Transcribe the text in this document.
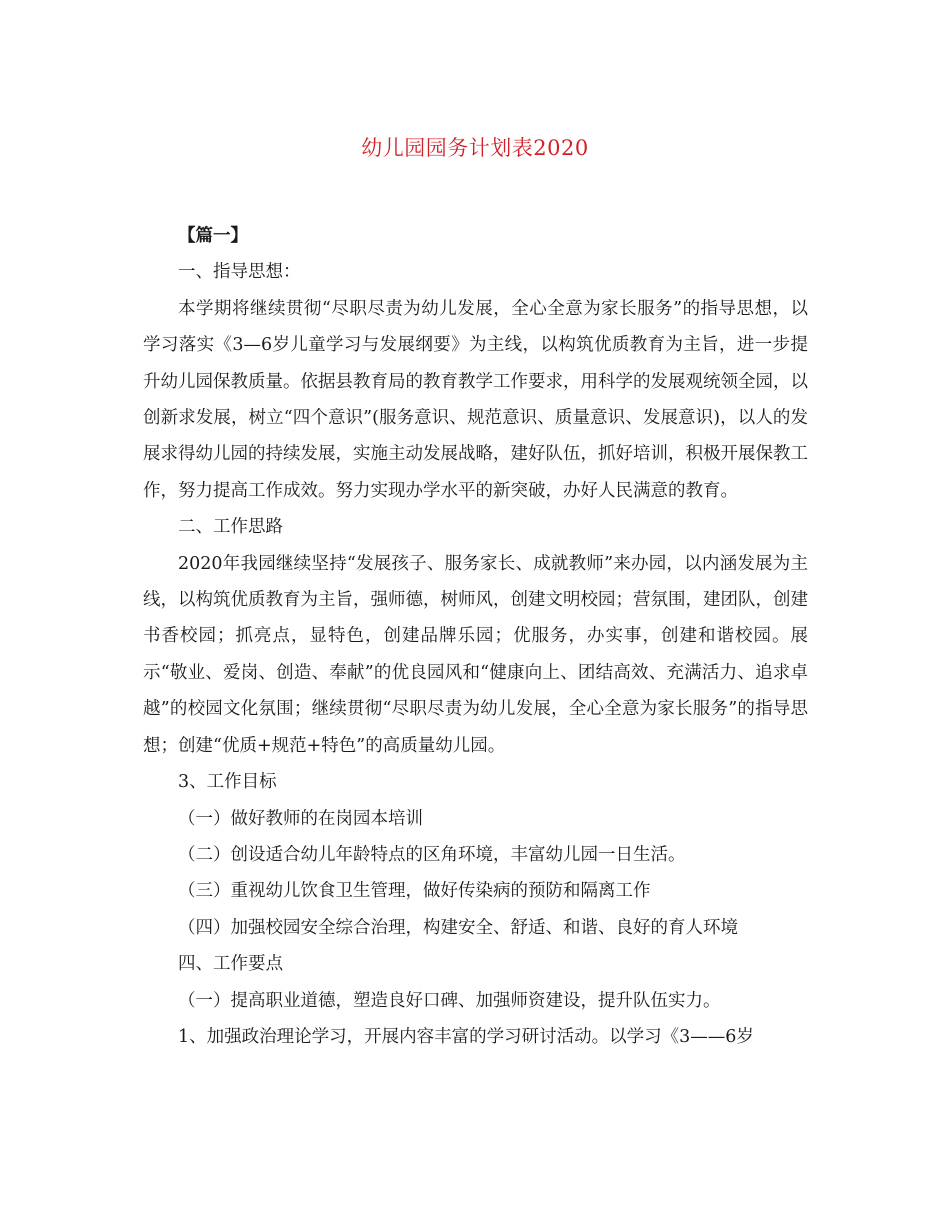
幼儿园园务计划表2020

【篇一】

一、指导思想：

本学期将继续贯彻“尽职尽责为幼儿发展，全心全意为家长服务”的指导思想，以学习落实《3—6岁儿童学习与发展纲要》为主线，以构筑优质教育为主旨，进一步提升幼儿园保教质量。依据县教育局的教育教学工作要求，用科学的发展观统领全园，以创新求发展，树立“四个意识”(服务意识、规范意识、质量意识、发展意识)，以人的发展求得幼儿园的持续发展，实施主动发展战略，建好队伍，抓好培训，积极开展保教工作，努力提高工作成效。努力实现办学水平的新突破，办好人民满意的教育。

二、工作思路

2020年我园继续坚持“发展孩子、服务家长、成就教师”来办园，以内涵发展为主线，以构筑优质教育为主旨，强师德，树师风，创建文明校园；营氛围，建团队，创建书香校园；抓亮点，显特色，创建品牌乐园；优服务，办实事，创建和谐校园。展示“敬业、爱岗、创造、奉献”的优良园风和“健康向上、团结高效、充满活力、追求卓越”的校园文化氛围；继续贯彻“尽职尽责为幼儿发展，全心全意为家长服务”的指导思想；创建“优质+规范+特色”的高质量幼儿园。

3、工作目标

（一）做好教师的在岗园本培训

（二）创设适合幼儿年龄特点的区角环境，丰富幼儿园一日生活。

（三）重视幼儿饮食卫生管理，做好传染病的预防和隔离工作

（四）加强校园安全综合治理，构建安全、舒适、和谐、良好的育人环境

四、工作要点

（一）提高职业道德，塑造良好口碑、加强师资建设，提升队伍实力。

1、加强政治理论学习，开展内容丰富的学习研讨活动。以学习《3——6岁
